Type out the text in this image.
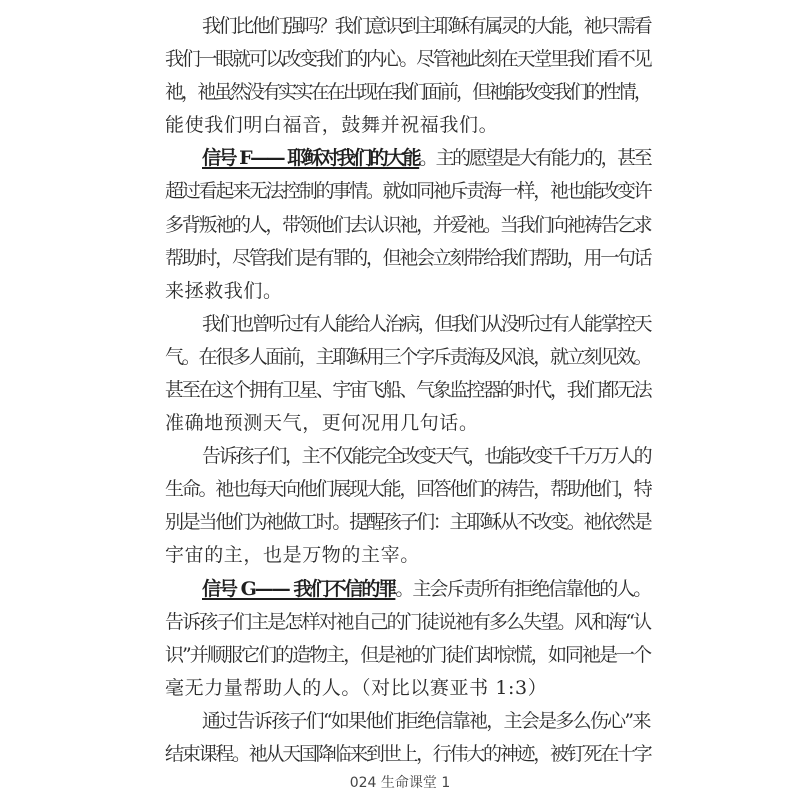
我们比他们强吗？我们意识到主耶稣有属灵的大能，祂只需看
我们一眼就可以改变我们的内心。尽管祂此刻在天堂里我们看不见
祂，祂虽然没有实实在在出现在我们面前，但祂能改变我们的性情，
能使我们明白福音，鼓舞并祝福我们。
信号 F—— 耶稣对我们的大能。主的愿望是大有能力的，甚至
超过看起来无法控制的事情。就如同祂斥责海一样，祂也能改变许
多背叛祂的人，带领他们去认识祂，并爱祂。当我们向祂祷告乞求
帮助时，尽管我们是有罪的，但祂会立刻带给我们帮助，用一句话
来拯救我们。
我们也曾听过有人能给人治病，但我们从没听过有人能掌控天
气。在很多人面前，主耶稣用三个字斥责海及风浪，就立刻见效。
甚至在这个拥有卫星、宇宙飞船、气象监控器的时代，我们都无法
准确地预测天气，更何况用几句话。
告诉孩子们，主不仅能完全改变天气，也能改变千千万万人的
生命。祂也每天向他们展现大能，回答他们的祷告，帮助他们，特
别是当他们为祂做工时。提醒孩子们：主耶稣从不改变。祂依然是
宇宙的主，也是万物的主宰。
信号 G—— 我们不信的罪。主会斥责所有拒绝信靠他的人。
告诉孩子们主是怎样对祂自己的门徒说祂有多么失望。风和海“认
识”并顺服它们的造物主，但是祂的门徒们却惊慌，如同祂是一个
毫无力量帮助人的人。（对比以赛亚书 1:3）
通过告诉孩子们“如果他们拒绝信靠祂，主会是多么伤心”来
结束课程。祂从天国降临来到世上，行伟大的神迹，被钉死在十字
024 生命课堂 1
